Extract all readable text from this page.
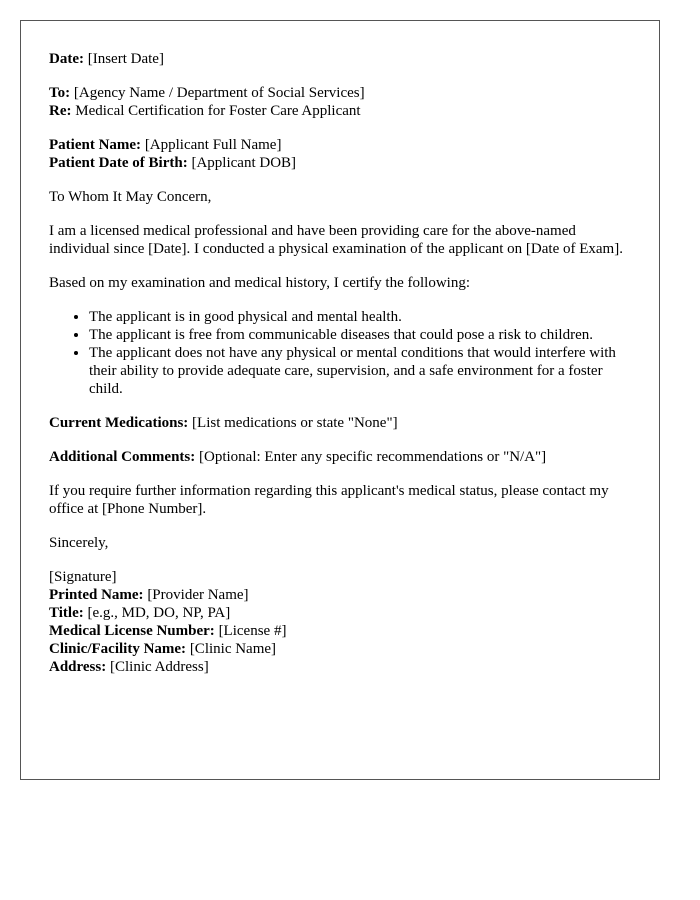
Date: [Insert Date]

To: [Agency Name / Department of Social Services]
Re: Medical Certification for Foster Care Applicant

Patient Name: [Applicant Full Name]
Patient Date of Birth: [Applicant DOB]

To Whom It May Concern,

I am a licensed medical professional and have been providing care for the above-named individual since [Date]. I conducted a physical examination of the applicant on [Date of Exam].

Based on my examination and medical history, I certify the following:

• The applicant is in good physical and mental health.
• The applicant is free from communicable diseases that could pose a risk to children.
• The applicant does not have any physical or mental conditions that would interfere with their ability to provide adequate care, supervision, and a safe environment for a foster child.

Current Medications: [List medications or state "None"]

Additional Comments: [Optional: Enter any specific recommendations or "N/A"]

If you require further information regarding this applicant's medical status, please contact my office at [Phone Number].

Sincerely,

[Signature]
Printed Name: [Provider Name]
Title: [e.g., MD, DO, NP, PA]
Medical License Number: [License #]
Clinic/Facility Name: [Clinic Name]
Address: [Clinic Address]
